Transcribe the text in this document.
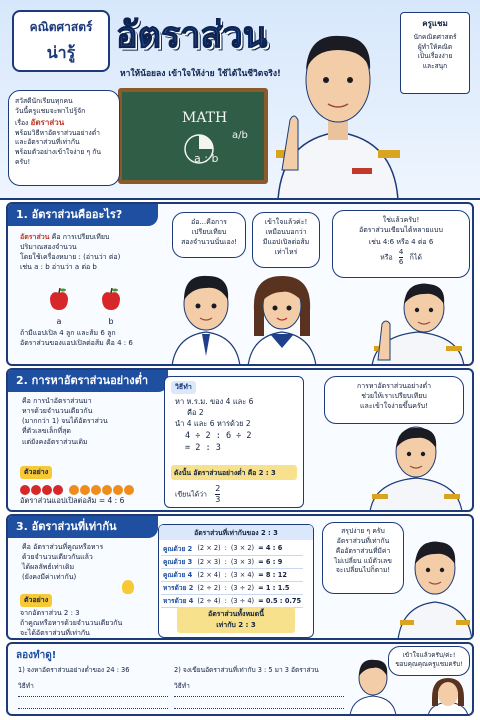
MATH
a : b
a/b
คณิตศาสตร์
น่ารู้	อัตราส่วน
หาให้น้อยลง เข้าใจให้ง่าย ใช้ได้ในชีวิตจริง!
ครูแชม
นักคณิตศาสตร์
ผู้ทำให้คณิต
เป็นเรื่องง่าย
และสนุก
สวัสดีนักเรียนทุกคน
วันนี้ครูแชมจะพาไปรู้จัก
เรื่อง อัตราส่วน
พร้อมวิธีหาอัตราส่วนอย่างต่ำ
และอัตราส่วนที่เท่ากัน
พร้อมตัวอย่างเข้าใจง่าย ๆ กันครับ!
1. อัตราส่วนคืออะไร?
อัตราส่วน คือ การเปรียบเทียบ
ปริมาณสองจำนวน
โดยใช้เครื่องหมาย : (อ่านว่า ต่อ)
เช่น a : b อ่านว่า a ต่อ b
a	b
ถ้ามีแอปเปิล 4 ลูก และส้ม 6 ลูก
อัตราส่วนของแอปเปิลต่อส้ม คือ 4 : 6
อ๋อ...คือการ
เปรียบเทียบ
สองจำนวนนั่นเอง!
เข้าใจแล้วค่ะ!
เหมือนบอกว่า
มีแอปเปิลต่อส้ม
เท่าไหร่
ใช่แล้วครับ!
อัตราส่วนเขียนได้หลายแบบ
เช่น 4:6 หรือ 4 ต่อ 6
หรือ $\frac{4}{6}$ ก็ได้
2. การหาอัตราส่วนอย่างต่ำ
คือ การนำอัตราส่วนมา
หารด้วยจำนวนเดียวกัน
(มากกว่า 1) จนได้อัตราส่วน
ที่ตัวเลขเล็กที่สุด
แต่ยังคงอัตราส่วนเดิม
ตัวอย่าง

อัตราส่วนแอปเปิลต่อส้ม = 4 : 6
วิธีทำ
หา ห.ร.ม. ของ 4 และ 6
คือ 2
นำ 4 และ 6 หารด้วย 2
4 ÷ 2 : 6 ÷ 2
= 2 : 3
ดังนั้น อัตราส่วนอย่างต่ำ คือ 2 : 3
เขียนได้ว่า $\frac{2}{3}$
การหาอัตราส่วนอย่างต่ำ
ช่วยให้เราเปรียบเทียบ
และเข้าใจง่ายขึ้นครับ!
3. อัตราส่วนที่เท่ากัน
คือ อัตราส่วนที่คูณหรือหาร
ด้วยจำนวนเดียวกันแล้ว
ได้ผลลัพธ์เท่าเดิม
(ยังคงมีค่าเท่ากัน)
ตัวอย่าง
จากอัตราส่วน 2 : 3
ถ้าคูณหรือหารด้วยจำนวนเดียวกัน
จะได้อัตราส่วนที่เท่ากัน
อัตราส่วนที่เท่ากันของ 2 : 3
คูณด้วย 2	(2 × 2)	:	(3 × 2)	= 4 : 6
คูณด้วย 3	(2 × 3)	:	(3 × 3)	= 6 : 9
คูณด้วย 4	(2 × 4)	:	(3 × 4)	= 8 : 12
หารด้วย 2	(2 ÷ 2)	:	(3 ÷ 2)	= 1 : 1.5
หารด้วย 4	(2 ÷ 4)	:	(3 ÷ 4)	= 0.5 : 0.75
อัตราส่วนทั้งหมดนี้
เท่ากับ 2 : 3
สรุปง่าย ๆ ครับ
อัตราส่วนที่เท่ากัน
คืออัตราส่วนที่มีค่า
ไม่เปลี่ยน แม้ตัวเลข
จะเปลี่ยนไปก็ตาม!
ลองทำดู!
1) จงหาอัตราส่วนอย่างต่ำของ 24 : 36
วิธีทำ
2) จงเขียนอัตราส่วนที่เท่ากับ 3 : 5 มา 3 อัตราส่วน
วิธีทำ
เข้าใจแล้วครับ/ค่ะ!
ขอบคุณคุณครูแชมครับ!
